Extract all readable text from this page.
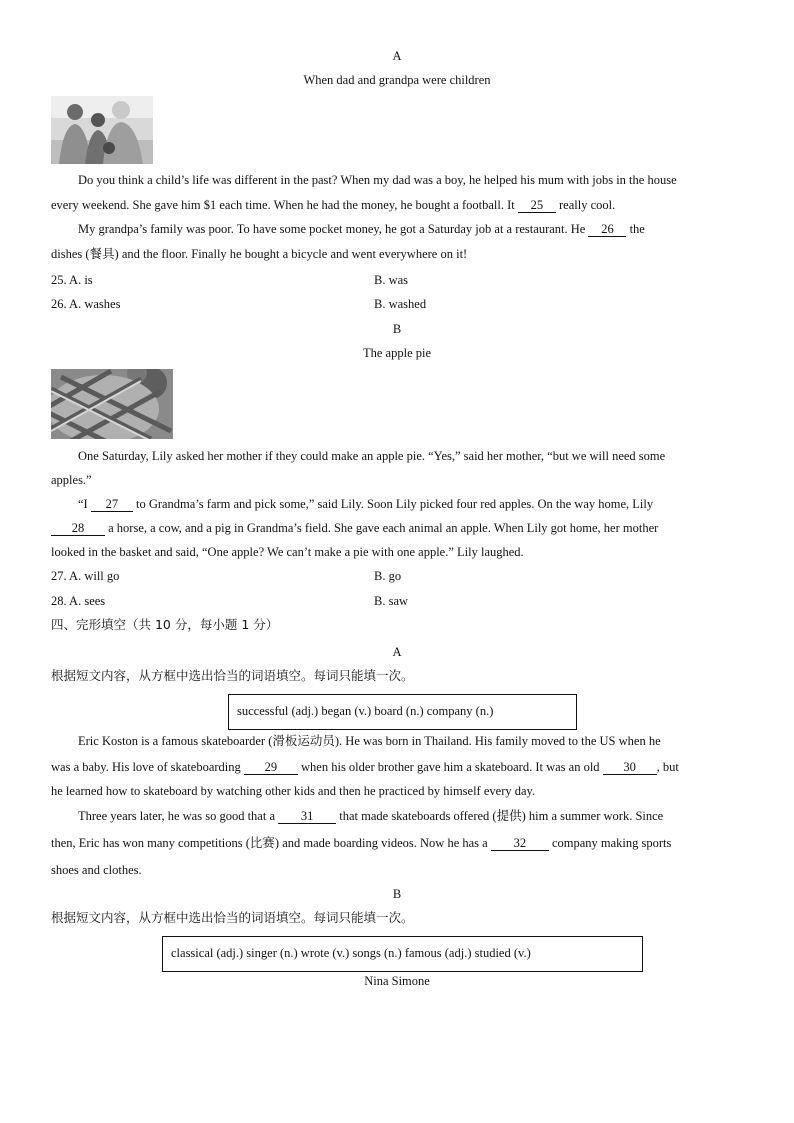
A
When dad and grandpa were children
Do you think a child’s life was different in the past? When my dad was a boy, he helped his mum with jobs in the house
every weekend. She gave him $1 each time. When he had the money, he bought a football. It 25 really cool.
My grandpa’s family was poor. To have some pocket money, he got a Saturday job at a restaurant. He 26 the
dishes (餐具) and the floor. Finally he bought a bicycle and went everywhere on it!
25. A. is	B. was
26. A. washes	B. washed
B
The apple pie
One Saturday, Lily asked her mother if they could make an apple pie. “Yes,” said her mother, “but we will need some
apples.”
“I 27 to Grandma’s farm and pick some,” said Lily. Soon Lily picked four red apples. On the way home, Lily
28 a horse, a cow, and a pig in Grandma’s field. She gave each animal an apple. When Lily got home, her mother
looked in the basket and said, “One apple? We can’t make a pie with one apple.” Lily laughed.
27. A. will go	B. go
28. A. sees	B. saw
四、完形填空（共 10 分，每小题 1 分）
A
根据短文内容，从方框中选出恰当的词语填空。每词只能填一次。
successful (adj.) began (v.) board (n.) company (n.)
Eric Koston is a famous skateboarder (滑板运动员). He was born in Thailand. His family moved to the US when he
was a baby. His love of skateboarding 29 when his older brother gave him a skateboard. It was an old 30 , but
he learned how to skateboard by watching other kids and then he practiced by himself every day.
Three years later, he was so good that a 31 that made skateboards offered (提供) him a summer work. Since
then, Eric has won many competitions (比赛) and made boarding videos. Now he has a 32 company making sports
shoes and clothes.
B
根据短文内容，从方框中选出恰当的词语填空。每词只能填一次。
classical (adj.) singer (n.) wrote (v.) songs (n.) famous (adj.) studied (v.)
Nina Simone
